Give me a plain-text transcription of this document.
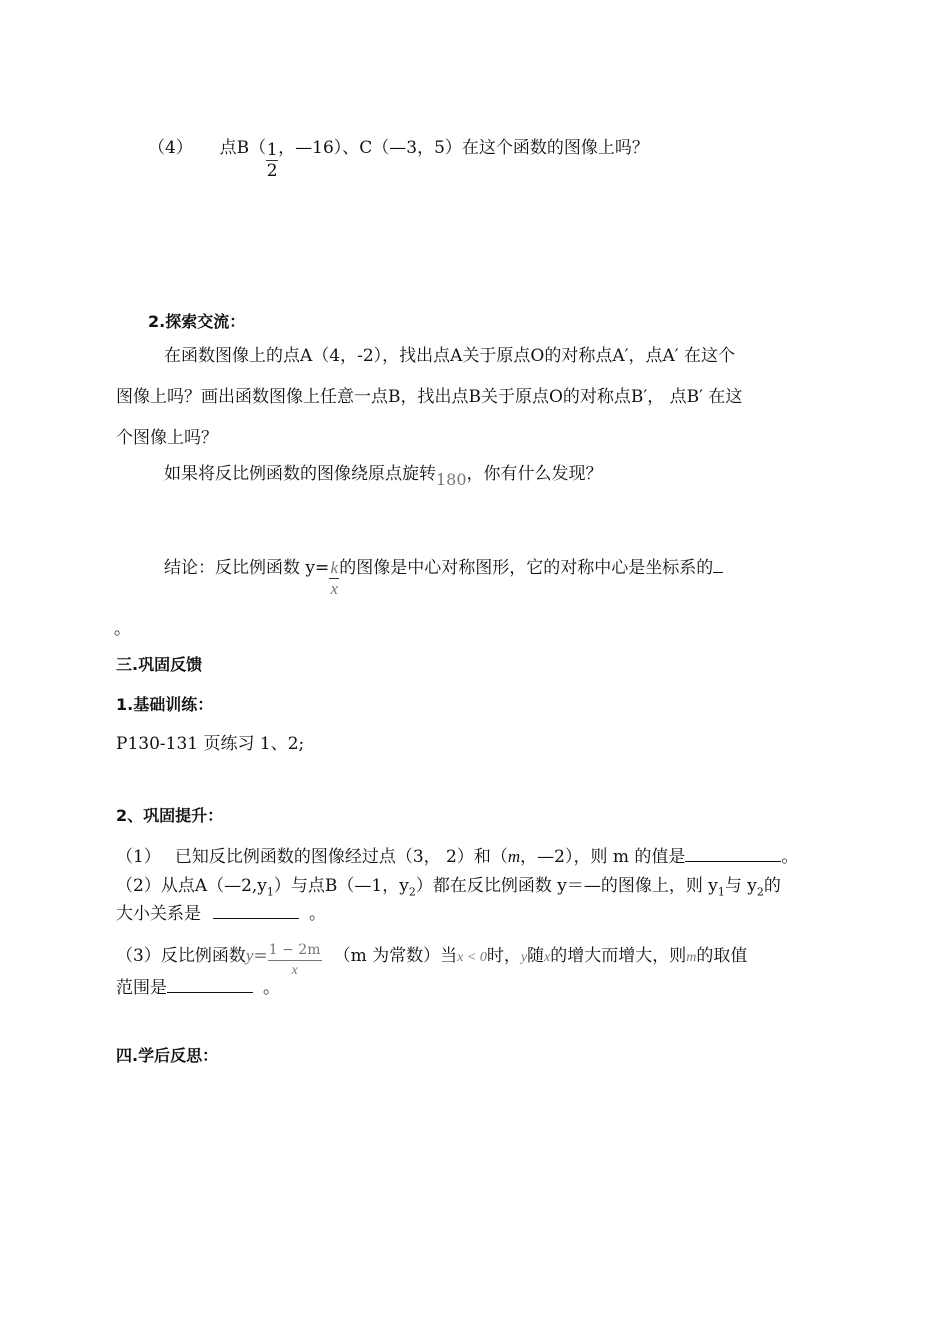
（4） 点$B( \frac{1}{2}$ ，—16）、C（—3，5）在这个函数的图像上吗？
2.探索交流：
在函数图像上的点A（4，-2），找出点A关于原点O的对称点A′，点A′ 在这个
图像上吗？画出函数图像上任意一点B，找出点B关于原点O的对称点B′， 点B′ 在这
个图像上吗？
如果将反比例函数的图像绕原点旋转180，你有什么发现？
结论：反比例函数 $y= \frac{k}{x}$ 的图像是中心对称图形，它的对称中心是坐标系的
。
三.巩固反馈
1.基础训练：
P130-131 页练习 1、2;
2、巩固提升：
（1） 已知反比例函数的图像经过点（3， 2）和（m，—2），则 m 的值是	。
（2）从点$A(—2,y_1)$与点B（—1，$y_2$）都在反比例函数 y＝—的图像上，则 $y_1$与 $y_2$的
大小关系是	。
（3）反比例函数$y= \frac{1 - 2m}{x} (m$ 为常数）当x < 0时，y随x的增大而增大，则m的取值
范围是	。
四.学后反思：
